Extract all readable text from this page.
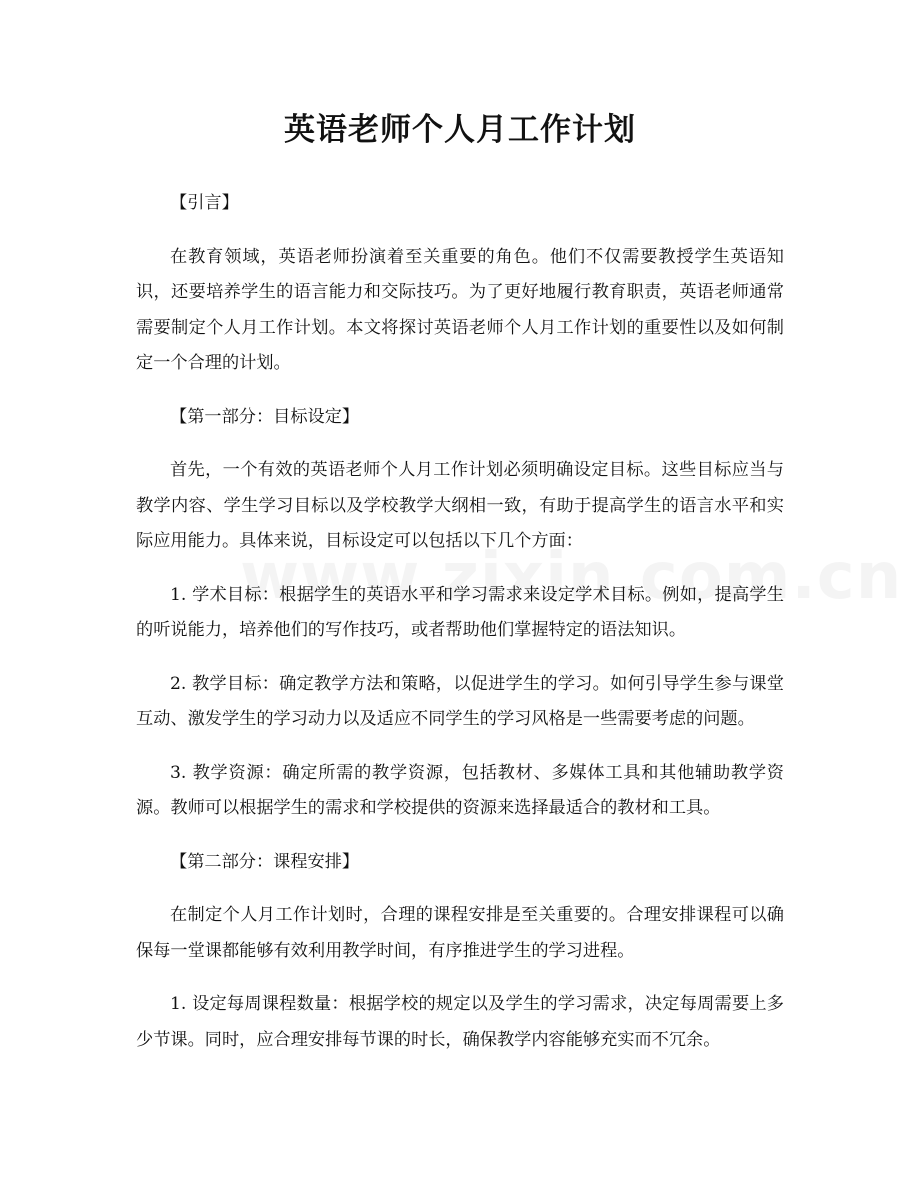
英语老师个人月工作计划

【引言】

在教育领域，英语老师扮演着至关重要的角色。他们不仅需要教授学生英语知识，还要培养学生的语言能力和交际技巧。为了更好地履行教育职责，英语老师通常需要制定个人月工作计划。本文将探讨英语老师个人月工作计划的重要性以及如何制定一个合理的计划。

【第一部分：目标设定】

首先，一个有效的英语老师个人月工作计划必须明确设定目标。这些目标应当与教学内容、学生学习目标以及学校教学大纲相一致，有助于提高学生的语言水平和实际应用能力。具体来说，目标设定可以包括以下几个方面：

1. 学术目标：根据学生的英语水平和学习需求来设定学术目标。例如，提高学生的听说能力，培养他们的写作技巧，或者帮助他们掌握特定的语法知识。

2. 教学目标：确定教学方法和策略，以促进学生的学习。如何引导学生参与课堂互动、激发学生的学习动力以及适应不同学生的学习风格是一些需要考虑的问题。

3. 教学资源：确定所需的教学资源，包括教材、多媒体工具和其他辅助教学资源。教师可以根据学生的需求和学校提供的资源来选择最适合的教材和工具。

【第二部分：课程安排】

在制定个人月工作计划时，合理的课程安排是至关重要的。合理安排课程可以确保每一堂课都能够有效利用教学时间，有序推进学生的学习进程。

1. 设定每周课程数量：根据学校的规定以及学生的学习需求，决定每周需要上多少节课。同时，应合理安排每节课的时长，确保教学内容能够充实而不冗余。
